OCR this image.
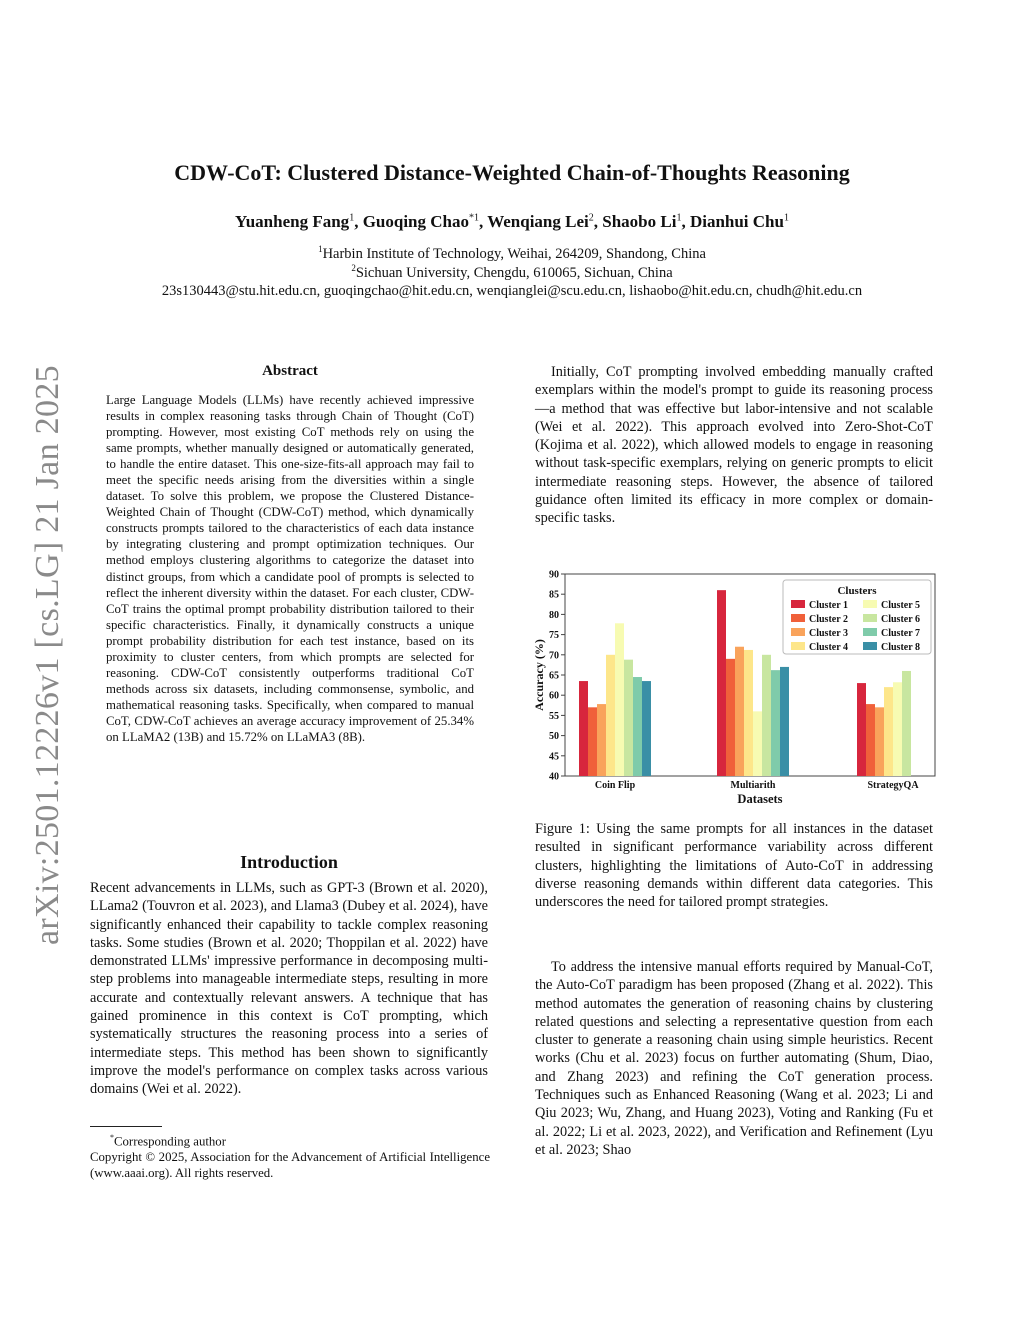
arXiv:2501.12226v1 [cs.LG] 21 Jan 2025
CDW-CoT: Clustered Distance-Weighted Chain-of-Thoughts Reasoning
Yuanheng Fang$^1$, Guoqing Chao$^{*1}$, Wenqiang Lei$^2$, Shaobo Li$^1$, Dianhui Chu$^1$
$^1$Harbin Institute of Technology, Weihai, 264209, Shandong, China
$^2$Sichuan University, Chengdu, 610065, Sichuan, China
23s130443@stu.hit.edu.cn, guoqingchao@hit.edu.cn, wenqianglei@scu.edu.cn, lishaobo@hit.edu.cn, chudh@hit.edu.cn
Abstract
Large Language Models (LLMs) have recently achieved impressive results in complex reasoning tasks through Chain of Thought (CoT) prompting. However, most existing CoT methods rely on using the same prompts, whether manually designed or automatically generated, to handle the entire dataset. This one-size-fits-all approach may fail to meet the specific needs arising from the diversities within a single dataset. To solve this problem, we propose the Clustered Distance-Weighted Chain of Thought (CDW-CoT) method, which dynamically constructs prompts tailored to the characteristics of each data instance by integrating clustering and prompt optimization techniques. Our method employs clustering algorithms to categorize the dataset into distinct groups, from which a candidate pool of prompts is selected to reflect the inherent diversity within the dataset. For each cluster, CDW-CoT trains the optimal prompt probability distribution tailored to their specific characteristics. Finally, it dynamically constructs a unique prompt probability distribution for each test instance, based on its proximity to cluster centers, from which prompts are selected for reasoning. CDW-CoT consistently outperforms traditional CoT methods across six datasets, including commonsense, symbolic, and mathematical reasoning tasks. Specifically, when compared to manual CoT, CDW-CoT achieves an average accuracy improvement of 25.34% on LLaMA2 (13B) and 15.72% on LLaMA3 (8B).
Introduction

Recent advancements in LLMs, such as GPT-3 (Brown et al. 2020), LLama2 (Touvron et al. 2023), and Llama3 (Dubey et al. 2024), have significantly enhanced their capability to tackle complex reasoning tasks. Some studies (Brown et al. 2020; Thoppilan et al. 2022) have demonstrated LLMs' impressive performance in decomposing multi-step problems into manageable intermediate steps, resulting in more accurate and contextually relevant answers. A technique that has gained prominence in this context is CoT prompting, which systematically structures the reasoning process into a series of intermediate steps. This method has been shown to significantly improve the model's performance on complex tasks across various domains (Wei et al. 2022).

*Corresponding author
Copyright © 2025, Association for the Advancement of Artificial Intelligence (www.aaai.org). All rights reserved.

Initially, CoT prompting involved embedding manually crafted exemplars within the model's prompt to guide its reasoning process—a method that was effective but labor-intensive and not scalable (Wei et al. 2022). This approach evolved into Zero-Shot-CoT (Kojima et al. 2022), which allowed models to engage in reasoning without task-specific exemplars, relying on generic prompts to elicit intermediate reasoning steps. However, the absence of tailored guidance often limited its efficacy in more complex or domain-specific tasks.

40
45
50
55
60
65
70
75
80
85
90
Accuracy (%)
Coin Flip	Multiarith	StrategyQA
Datasets
Clusters
Cluster 1
Cluster 2
Cluster 3
Cluster 4
Cluster 5
Cluster 6
Cluster 7
Cluster 8
Figure 1: Using the same prompts for all instances in the dataset resulted in significant performance variability across different clusters, highlighting the limitations of Auto-CoT in addressing diverse reasoning demands within different data categories. This underscores the need for tailored prompt strategies.

To address the intensive manual efforts required by Manual-CoT, the Auto-CoT paradigm has been proposed (Zhang et al. 2022). This method automates the generation of reasoning chains by clustering related questions and selecting a representative question from each cluster to generate a reasoning chain using simple heuristics. Recent works (Chu et al. 2023) focus on further automating (Shum, Diao, and Zhang 2023) and refining the CoT generation process. Techniques such as Enhanced Reasoning (Wang et al. 2023; Li and Qiu 2023; Wu, Zhang, and Huang 2023), Voting and Ranking (Fu et al. 2022; Li et al. 2023, 2022), and Verification and Refinement (Lyu et al. 2023; Shao
